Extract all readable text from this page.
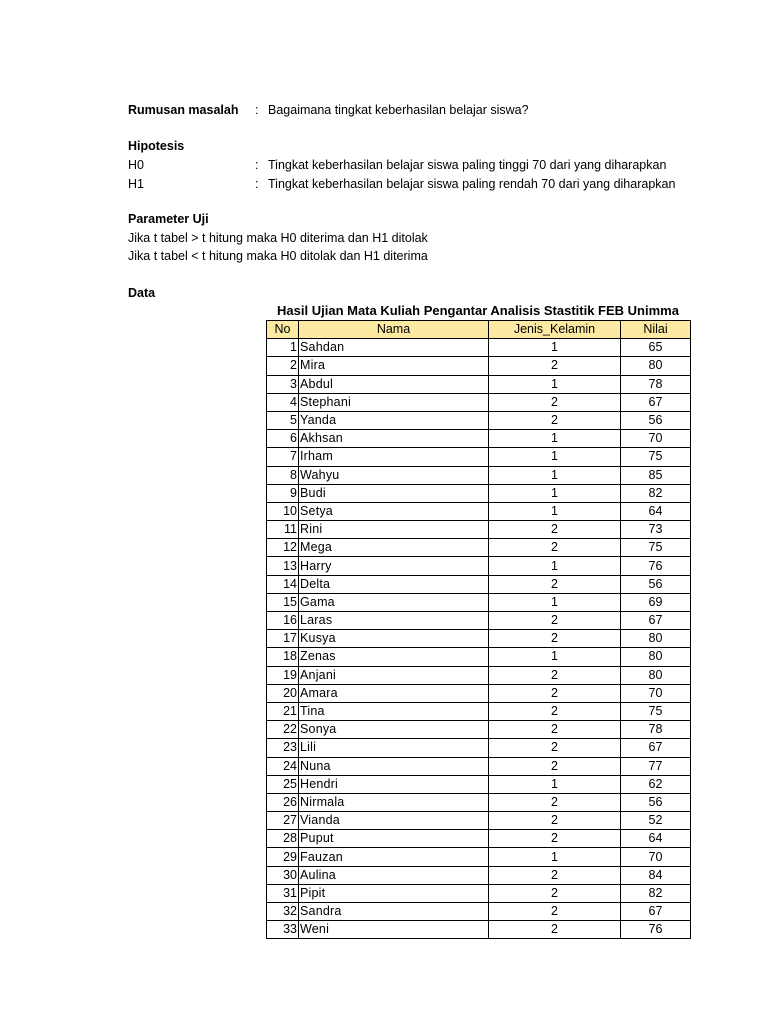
Rumusan masalah : Bagaimana tingkat keberhasilan belajar siswa?
Hipotesis
H0	: Tingkat keberhasilan belajar siswa paling tinggi 70 dari yang diharapkan
H1	: Tingkat keberhasilan belajar siswa paling rendah 70 dari yang diharapkan
Parameter Uji
Jika t tabel > t hitung maka H0 diterima dan H1 ditolak
Jika t tabel < t hitung maka H0 ditolak dan H1 diterima
Data
Hasil Ujian Mata Kuliah Pengantar Analisis Stastitik FEB Unimma
No	Nama	Jenis_Kelamin	Nilai
1	Sahdan	1	65
2	Mira	2	80
3	Abdul	1	78
4	Stephani	2	67
5	Yanda	2	56
6	Akhsan	1	70
7	Irham	1	75
8	Wahyu	1	85
9	Budi	1	82
10	Setya	1	64
11	Rini	2	73
12	Mega	2	75
13	Harry	1	76
14	Delta	2	56
15	Gama	1	69
16	Laras	2	67
17	Kusya	2	80
18	Zenas	1	80
19	Anjani	2	80
20	Amara	2	70
21	Tina	2	75
22	Sonya	2	78
23	Lili	2	67
24	Nuna	2	77
25	Hendri	1	62
26	Nirmala	2	56
27	Vianda	2	52
28	Puput	2	64
29	Fauzan	1	70
30	Aulina	2	84
31	Pipit	2	82
32	Sandra	2	67
33	Weni	2	76
